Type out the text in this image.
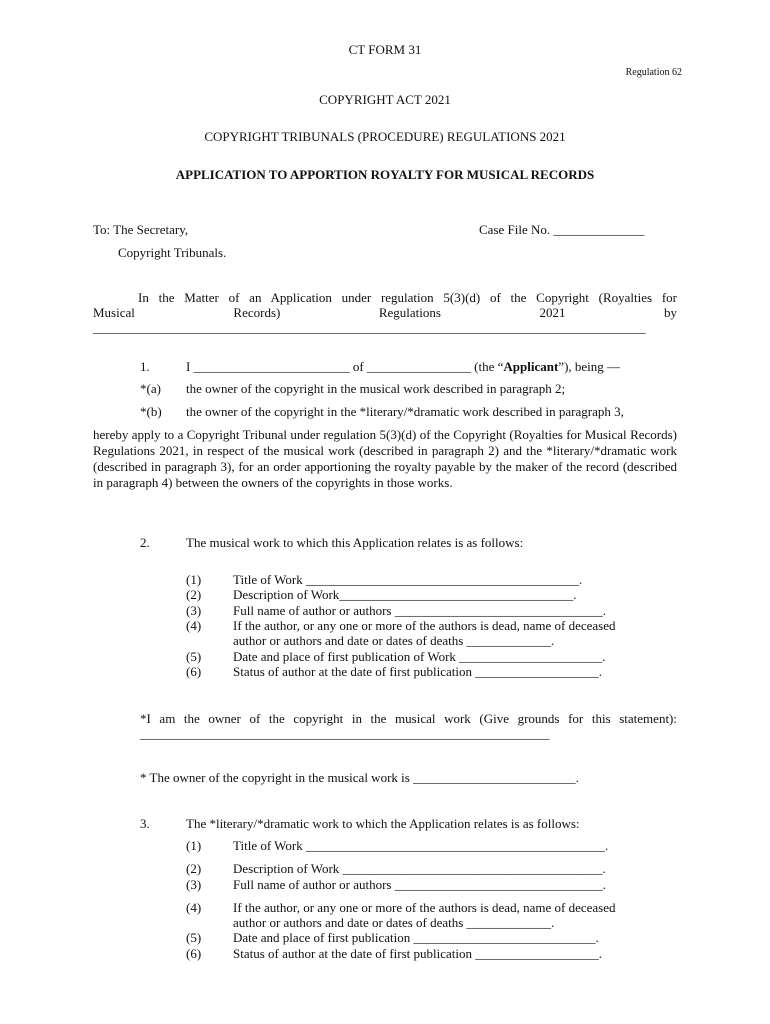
CT FORM 31
Regulation 62
COPYRIGHT ACT 2021
COPYRIGHT TRIBUNALS (PROCEDURE) REGULATIONS 2021
APPLICATION TO APPORTION ROYALTY FOR MUSICAL RECORDS
To: The Secretary,	Case File No. ______________
Copyright Tribunals.
In the Matter of an Application under regulation 5(3)(d) of the Copyright (Royalties for
Musical Records) Regulations 2021 by
_____________________________________________________________________________________
1.	I ________________________ of ________________ (the “Applicant”), being —
*(a) the owner of the copyright in the musical work described in paragraph 2;
*(b) the owner of the copyright in the *literary/*dramatic work described in paragraph 3,
hereby apply to a Copyright Tribunal under regulation 5(3)(d) of the Copyright (Royalties for Musical Records) Regulations 2021, in respect of the musical work (described in paragraph 2) and the *literary/*dramatic work (described in paragraph 3), for an order apportioning the royalty payable by the maker of the record (described in paragraph 4) between the owners of the copyrights in those works.
2.	The musical work to which this Application relates is as follows:
(1) Title of Work __________________________________________.
(2) Description of Work____________________________________.
(3) Full name of author or authors ________________________________.
(4) If the author, or any one or more of the authors is dead, name of deceased
author or authors and date or dates of deaths _____________.
(5) Date and place of first publication of Work ______________________.
(6) Status of author at the date of first publication ___________________.
*I am the owner of the copyright in the musical work (Give grounds for this statement):
_______________________________________________________________
* The owner of the copyright in the musical work is _________________________.
3.	The *literary/*dramatic work to which the Application relates is as follows:
(1) Title of Work ______________________________________________.
(2) Description of Work ________________________________________.
(3) Full name of author or authors ________________________________.
(4) If the author, or any one or more of the authors is dead, name of deceased
author or authors and date or dates of deaths _____________.
(5) Date and place of first publication ____________________________.
(6) Status of author at the date of first publication ___________________.
